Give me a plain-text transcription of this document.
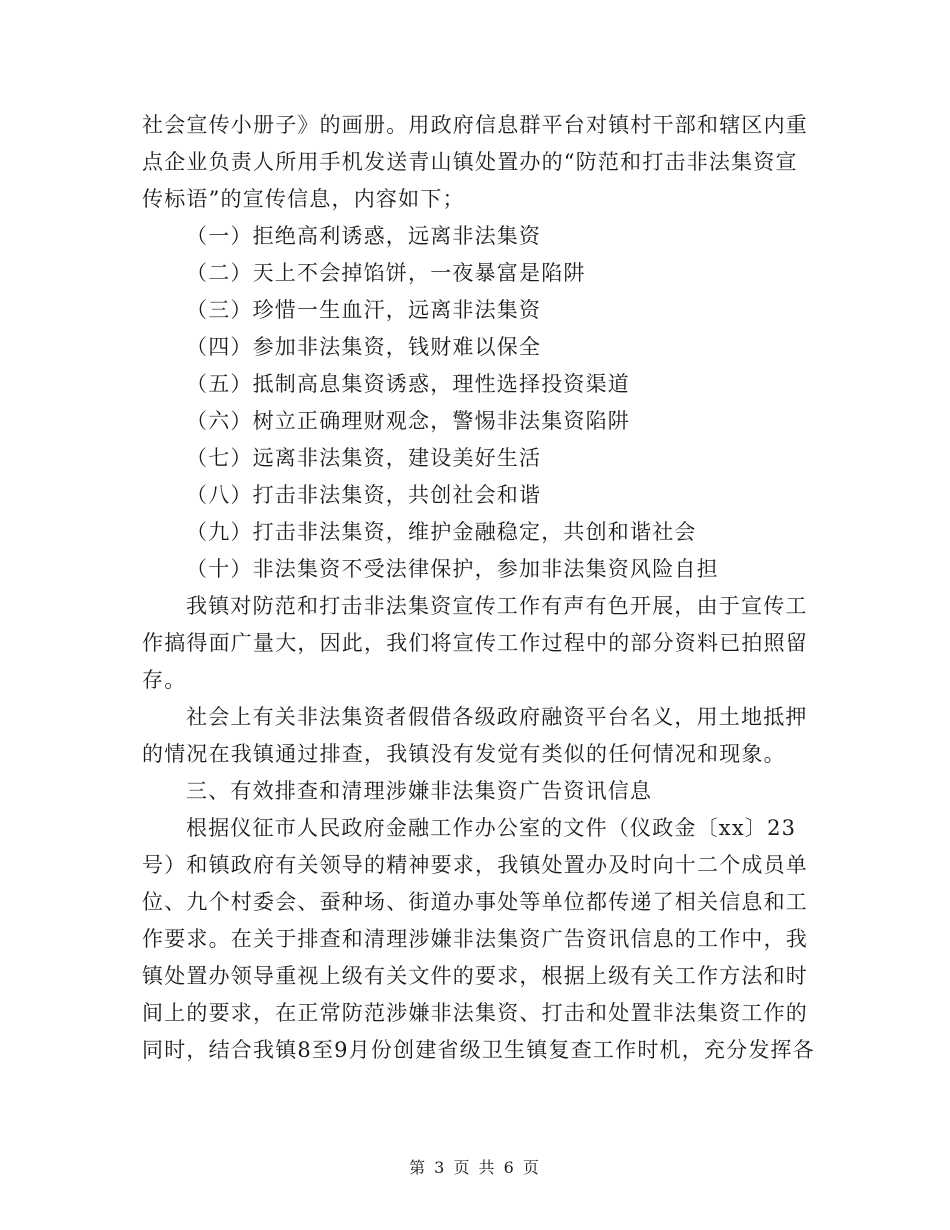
社会宣传小册子》的画册。用政府信息群平台对镇村干部和辖区内重
点企业负责人所用手机发送青山镇处置办的“防范和打击非法集资宣
传标语”的宣传信息，内容如下；
（一）拒绝高利诱惑，远离非法集资
（二）天上不会掉馅饼，一夜暴富是陷阱
（三）珍惜一生血汗，远离非法集资
（四）参加非法集资，钱财难以保全
（五）抵制高息集资诱惑，理性选择投资渠道
（六）树立正确理财观念，警惕非法集资陷阱
（七）远离非法集资，建设美好生活
（八）打击非法集资，共创社会和谐
（九）打击非法集资，维护金融稳定，共创和谐社会
（十）非法集资不受法律保护，参加非法集资风险自担
我镇对防范和打击非法集资宣传工作有声有色开展，由于宣传工
作搞得面广量大，因此，我们将宣传工作过程中的部分资料已拍照留
存。
社会上有关非法集资者假借各级政府融资平台名义，用土地抵押
的情况在我镇通过排查，我镇没有发觉有类似的任何情况和现象。
三、有效排查和清理涉嫌非法集资广告资讯信息
根据仪征市人民政府金融工作办公室的文件（仪政金〔xx〕23
号）和镇政府有关领导的精神要求，我镇处置办及时向十二个成员单
位、九个村委会、蚕种场、街道办事处等单位都传递了相关信息和工
作要求。在关于排查和清理涉嫌非法集资广告资讯信息的工作中，我
镇处置办领导重视上级有关文件的要求，根据上级有关工作方法和时
间上的要求，在正常防范涉嫌非法集资、打击和处置非法集资工作的
同时，结合我镇8至9月份创建省级卫生镇复查工作时机，充分发挥各
第 3 页 共 6 页
